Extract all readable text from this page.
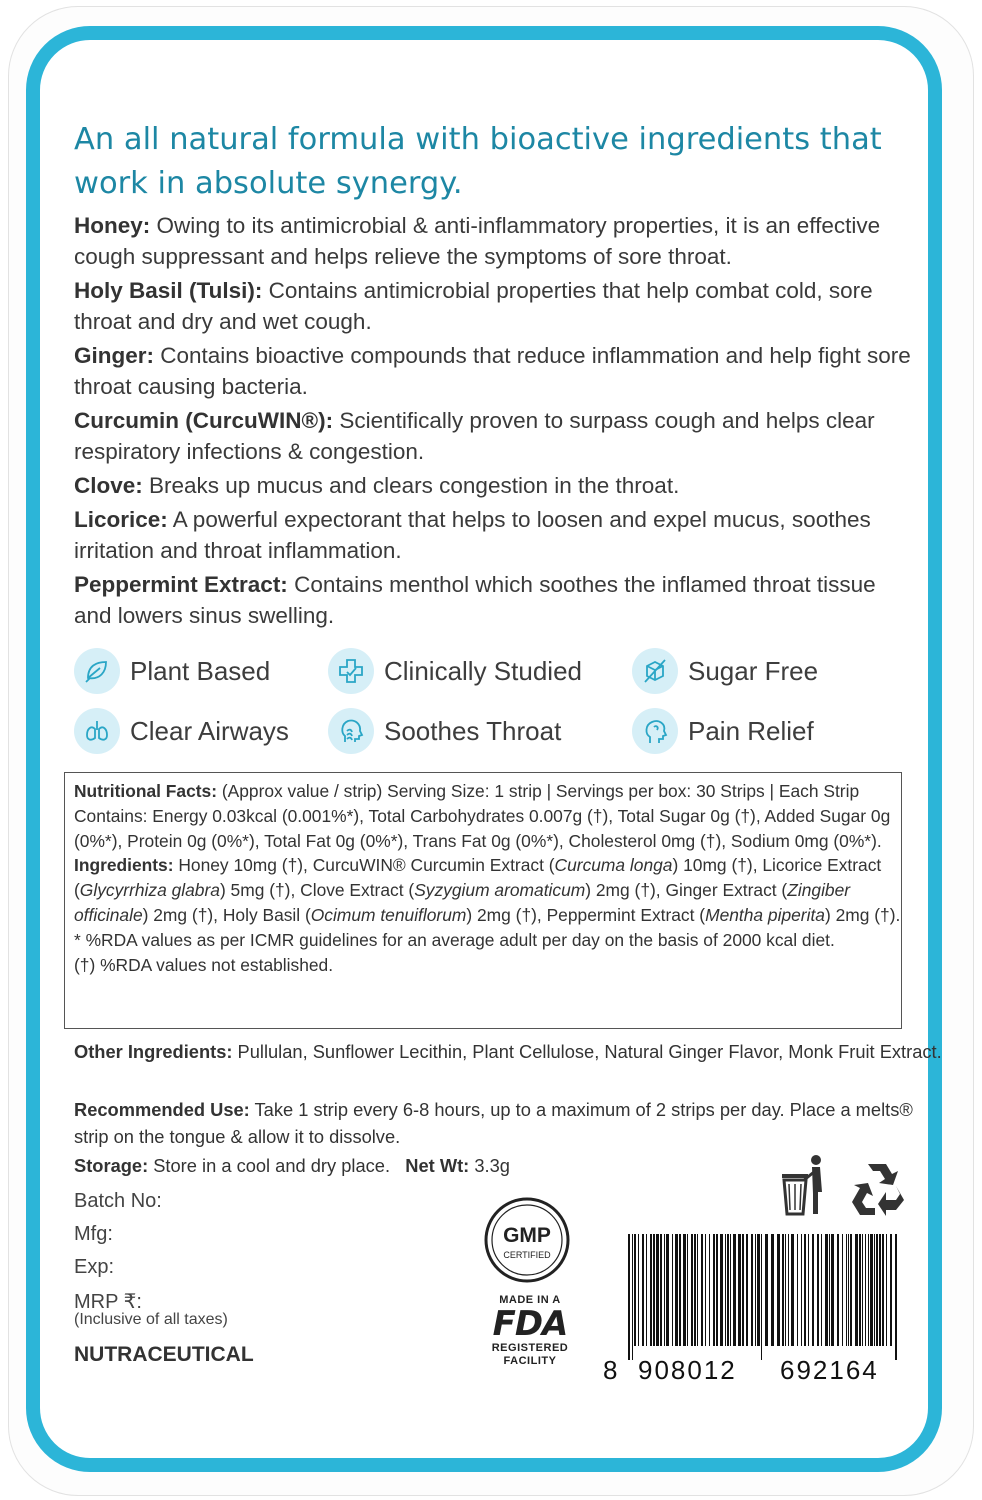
An all natural formula with bioactive ingredients that work in absolute synergy.

Honey: Owing to its antimicrobial & anti-inflammatory properties, it is an effective cough suppressant and helps relieve the symptoms of sore throat.

Holy Basil (Tulsi): Contains antimicrobial properties that help combat cold, sore throat and dry and wet cough.

Ginger: Contains bioactive compounds that reduce inflammation and help fight sore throat causing bacteria.

Curcumin (CurcuWIN®): Scientifically proven to surpass cough and helps clear respiratory infections & congestion.

Clove: Breaks up mucus and clears congestion in the throat.

Licorice: A powerful expectorant that helps to loosen and expel mucus, soothes irritation and throat inflammation.

Peppermint Extract: Contains menthol which soothes the inflamed throat tissue and lowers sinus swelling.

Plant Based	Clinically Studied	Sugar Free
Clear Airways	Soothes Throat	Pain Relief
Nutritional Facts: (Approx value / strip) Serving Size: 1 strip | Servings per box: 30 Strips | Each Strip Contains: Energy 0.03kcal (0.001%*), Total Carbohydrates 0.007g (†), Total Sugar 0g (†), Added Sugar 0g (0%*), Protein 0g (0%*), Total Fat 0g (0%*), Trans Fat 0g (0%*), Cholesterol 0mg (†), Sodium 0mg (0%*). Ingredients: Honey 10mg (†), CurcuWIN® Curcumin Extract (Curcuma longa) 10mg (†), Licorice Extract (Glycyrrhiza glabra) 5mg (†), Clove Extract (Syzygium aromaticum) 2mg (†), Ginger Extract (Zingiber officinale) 2mg (†), Holy Basil (Ocimum tenuiflorum) 2mg (†), Peppermint Extract (Mentha piperita) 2mg (†). * %RDA values as per ICMR guidelines for an average adult per day on the basis of 2000 kcal diet.
(†) %RDA values not established.

Other Ingredients: Pullulan, Sunflower Lecithin, Plant Cellulose, Natural Ginger Flavor, Monk Fruit Extract.

Recommended Use: Take 1 strip every 6-8 hours, up to a maximum of 2 strips per day. Place a melts® strip on the tongue & allow it to dissolve.

Storage: Store in a cool and dry place. Net Wt: 3.3g

Batch No:
Mfg:
Exp:
MRP ₹:
(Inclusive of all taxes)
NUTRACEUTICAL
GMP
CERTIFIED
MADE IN A
FDA
REGISTERED
FACILITY	8 908012 692164
